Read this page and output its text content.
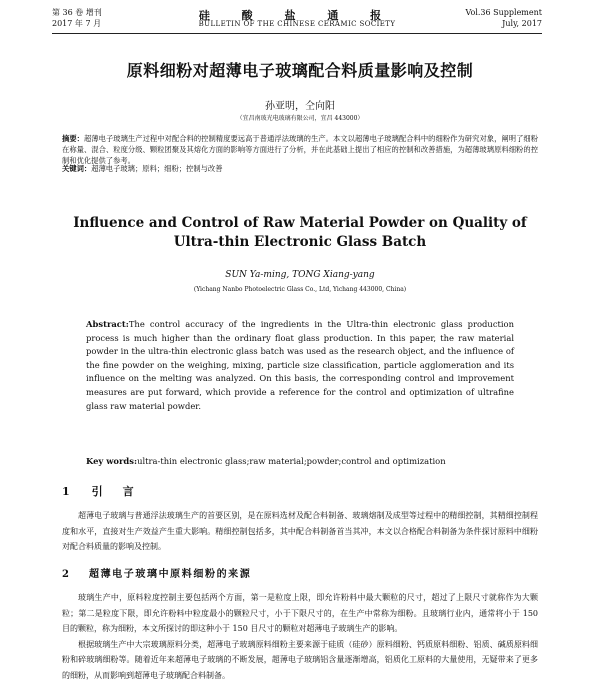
第 36 卷 增刊
2017 年 7 月
硅 酸 盐 通 报
BULLETIN OF THE CHINESE CERAMIC SOCIETY
Vol.36 Supplement
July, 2017
原料细粉对超薄电子玻璃配合料质量影响及控制
孙亚明，仝向阳
（宜昌南玻光电玻璃有限公司，宜昌 443000）
摘要：超薄电子玻璃生产过程中对配合料的控制精度要远高于普通浮法玻璃的生产。本文以超薄电子玻璃配合料中的细粉作为研究对象，阐明了细粉在称量、混合、粒度分级、颗粒团聚及其熔化方面的影响等方面进行了分析，并在此基础上提出了相应的控制和改善措施，为超薄玻璃原料细粉的控制和优化提供了参考。
关键词：超薄电子玻璃；原料；细粉；控制与改善
Influence and Control of Raw Material Powder on Quality of
Ultra-thin Electronic Glass Batch
SUN Ya-ming, TONG Xiang-yang
(Yichang Nanbo Photoelectric Glass Co., Ltd, Yichang 443000, China)
Abstract:The control accuracy of the ingredients in the Ultra-thin electronic glass production process is much higher than the ordinary float glass production. In this paper, the raw material powder in the ultra-thin electronic glass batch was used as the research object, and the influence of the fine powder on the weighing, mixing, particle size classification, particle agglomeration and its influence on the melting was analyzed. On this basis, the corresponding control and improvement measures are put forward, which provide a reference for the control and optimization of ultrafine glass raw material powder.
Key words:ultra-thin electronic glass;raw material;powder;control and optimization
1 引言
超薄电子玻璃与普通浮法玻璃生产的首要区别，是在原料选材及配合料制备、玻璃熔制及成型等过程中的精细控制，其精细控制程度和水平，直接对生产效益产生重大影响。精细控制包括多，其中配合料制备首当其冲，本文以合格配合料制备为条件探讨原料中细粉对配合料质量的影响及控制。
2 超薄电子玻璃中原料细粉的来源
玻璃生产中，原料粒度控制主要包括两个方面，第一是粒度上限，即允许粉料中最大颗粒的尺寸，超过了上限尺寸就称作为大颗粒；第二是粒度下限，即允许粉料中粒度最小的颗粒尺寸，小于下限尺寸的，在生产中常称为细粉。且玻璃行业内，通常将小于 150 目的颗粒，称为细粉，本文所探讨的即这种小于 150 目尺寸的颗粒对超薄电子玻璃生产的影响。
根据玻璃生产中大宗玻璃原料分类，超薄电子玻璃原料细粉主要来源于硅质（硅砂）原料细粉、钙质原料细粉、铝质、碱质原料细粉和碎玻璃细粉等。随着近年来超薄电子玻璃的不断发展，超薄电子玻璃铝含量逐渐增高，铝质化工原料的大量使用，无疑带来了更多的细粉，从而影响到超薄电子玻璃配合料制备。
